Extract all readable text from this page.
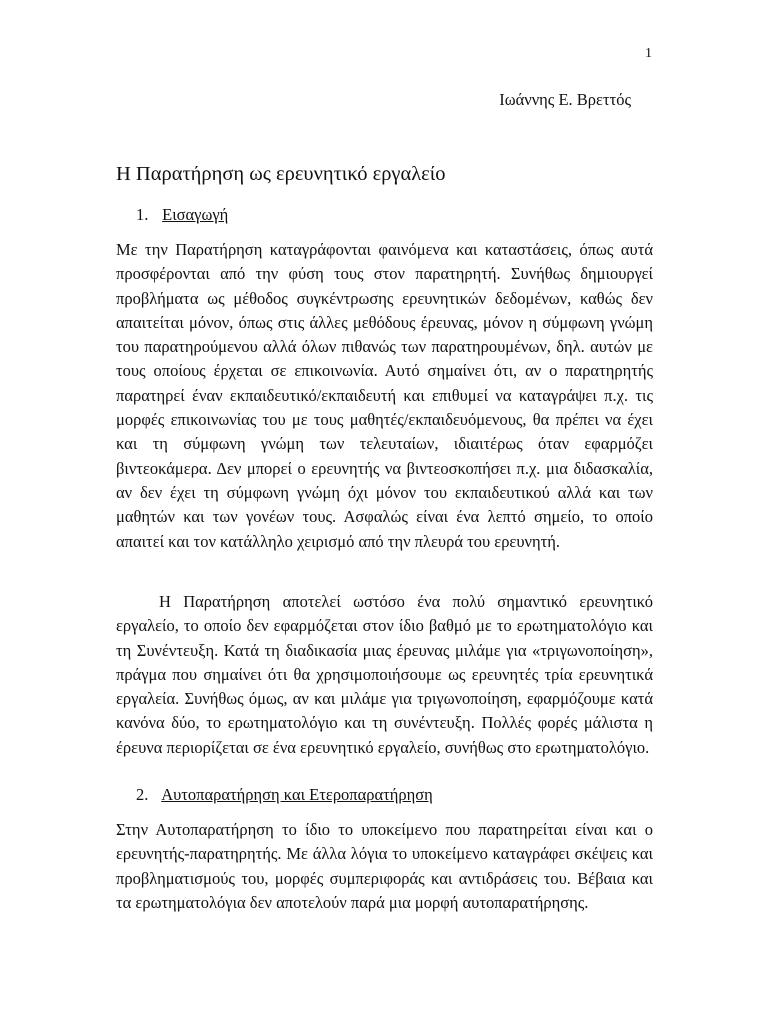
1
Ιωάννης Ε. Βρεττός
Η Παρατήρηση ως ερευνητικό εργαλείο
1. Εισαγωγή

Με την Παρατήρηση καταγράφονται φαινόμενα και καταστάσεις, όπως αυτά προσφέρονται από την φύση τους στον παρατηρητή. Συνήθως δημιουργεί προβλήματα ως μέθοδος συγκέντρωσης ερευνητικών δεδομένων, καθώς δεν απαιτείται μόνον, όπως στις άλλες μεθόδους έρευνας, μόνον η σύμφωνη γνώμη του παρατηρούμενου αλλά όλων πιθανώς των παρατηρουμένων, δηλ. αυτών με τους οποίους έρχεται σε επικοινωνία. Αυτό σημαίνει ότι, αν ο παρατηρητής παρατηρεί έναν εκπαιδευτικό/εκπαιδευτή και επιθυμεί να καταγράψει π.χ. τις μορφές επικοινωνίας του με τους μαθητές/εκπαιδευόμενους, θα πρέπει να έχει και τη σύμφωνη γνώμη των τελευταίων, ιδιαιτέρως όταν εφαρμόζει βιντεοκάμερα. Δεν μπορεί ο ερευνητής να βιντεοσκοπήσει π.χ. μια διδασκαλία, αν δεν έχει τη σύμφωνη γνώμη όχι μόνον του εκπαιδευτικού αλλά και των μαθητών και των γονέων τους. Ασφαλώς είναι ένα λεπτό σημείο, το οποίο απαιτεί και τον κατάλληλο χειρισμό από την πλευρά του ερευνητή.

Η Παρατήρηση αποτελεί ωστόσο ένα πολύ σημαντικό ερευνητικό εργαλείο, το οποίο δεν εφαρμόζεται στον ίδιο βαθμό με το ερωτηματολόγιο και τη Συνέντευξη. Κατά τη διαδικασία μιας έρευνας μιλάμε για «τριγωνοποίηση», πράγμα που σημαίνει ότι θα χρησιμοποιήσουμε ως ερευνητές τρία ερευνητικά εργαλεία. Συνήθως όμως, αν και μιλάμε για τριγωνοποίηση, εφαρμόζουμε κατά κανόνα δύο, το ερωτηματολόγιο και τη συνέντευξη. Πολλές φορές μάλιστα η έρευνα περιορίζεται σε ένα ερευνητικό εργαλείο, συνήθως στο ερωτηματολόγιο.

2. Αυτοπαρατήρηση και Ετεροπαρατήρηση

Στην Αυτοπαρατήρηση το ίδιο το υποκείμενο που παρατηρείται είναι και ο ερευνητής-παρατηρητής. Με άλλα λόγια το υποκείμενο καταγράφει σκέψεις και προβληματισμούς του, μορφές συμπεριφοράς και αντιδράσεις του. Βέβαια και τα ερωτηματολόγια δεν αποτελούν παρά μια μορφή αυτοπαρατήρησης.
